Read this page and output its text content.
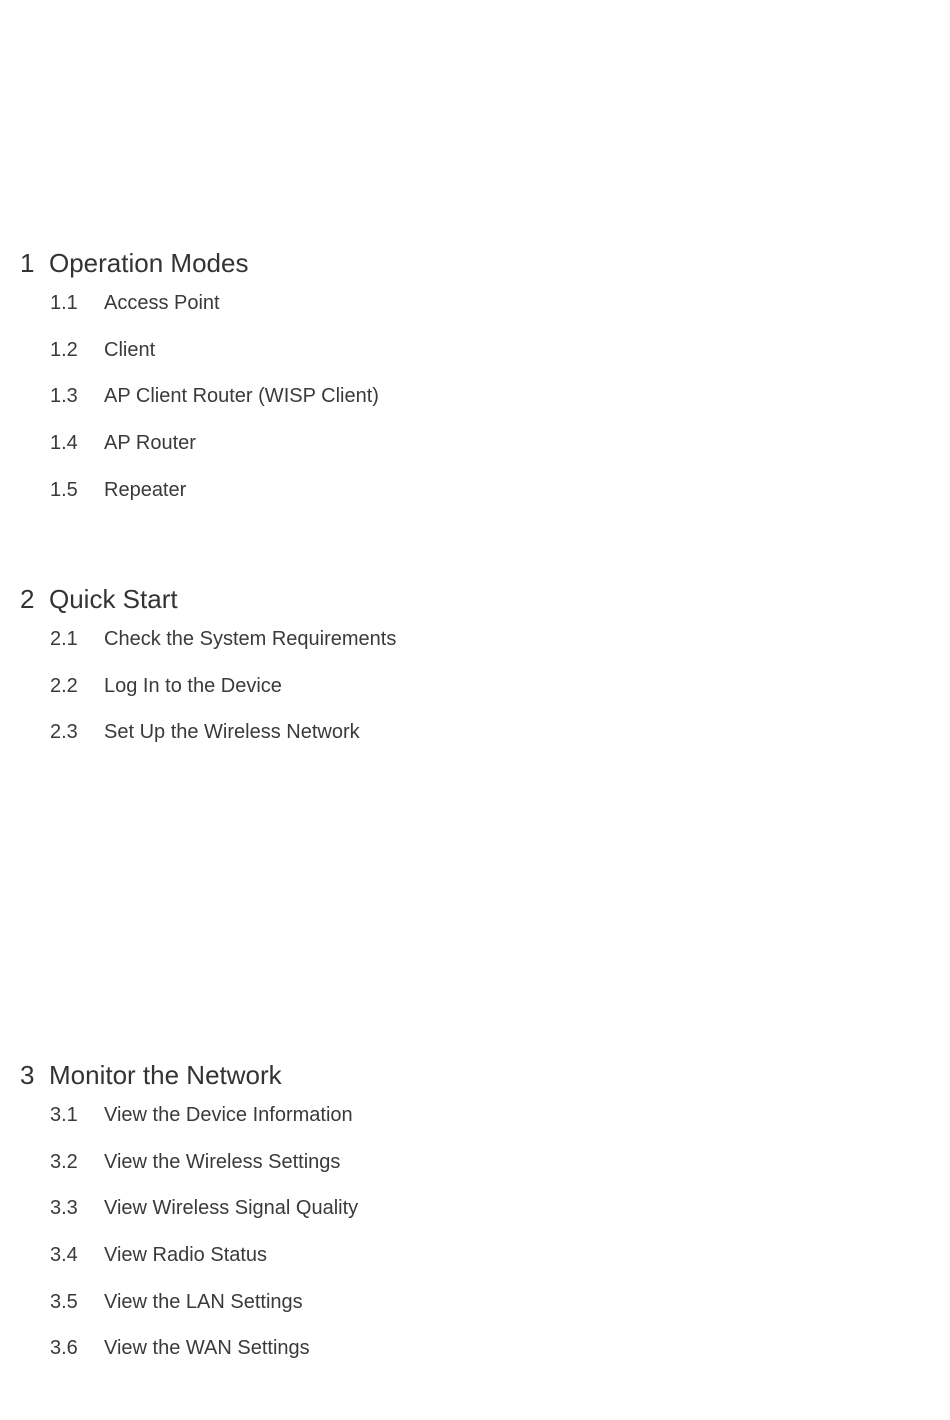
1 Operation Modes
1.1 Access Point
1.2 Client
1.3 AP Client Router (WISP Client)
1.4 AP Router
1.5 Repeater
2 Quick Start
2.1 Check the System Requirements
2.2 Log In to the Device
2.3 Set Up the Wireless Network
3 Monitor the Network
3.1 View the Device Information
3.2 View the Wireless Settings
3.3 View Wireless Signal Quality
3.4 View Radio Status
3.5 View the LAN Settings
3.6 View the WAN Settings
